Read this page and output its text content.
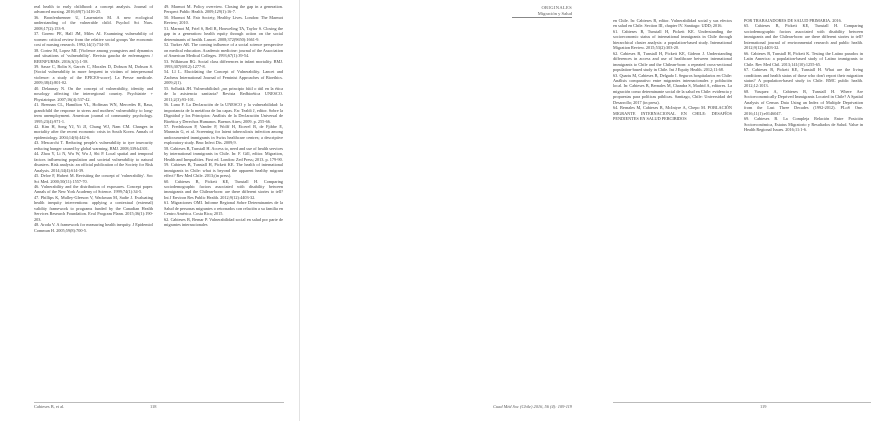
real health to early childhood: a concept analysis. Journal of advanced nursing. 2016;69(7):1416-25.

36. Bronfenbrenner U, Lauenstein M. A new ecological understanding of the vulnerable child. Psychol Sci Nurs. 2008;17(2):153-9.

37. Gorenc PE, Hall JM, Miles AI. Examining vulnerability of women: critical review from the relative social groups 'the economic cost of nursing research. 1992;14(1):734-39.

38. Cortez M, Lopez MI. [Violence among youngsters and dynamics and situations of 'vulnerability'. Revista gaucha de enfermagem / REENFURMS. 2016;3(1):1-58.

39. Sasse C, Bolin S, Garcés C, Morales D, Dobson M, Dobson S. [Social vulnerability in more frequent in victims of interpersonal violence: a study of the EPICES-score]. La Presse medicale. 2009;38(4):801-02.

40. Delaunay N. On the concept of vulnerability, identity and nosology affecting the interregional country. Psychiatrie + Physiatrique. 2007;16(4):537-42.

41. Brennan CL, Hamilton VL, Hoffman WN, Mercedes R, Rasa, grandchild the response to stress and mothers' vulnerability to long-term unemployment. American journal of community psychology. 1995;23(4):971-1.

42. Kim H, Song YJ, Yi JJ, Chung WJ, Nam CM. Changes in mortality after the recent economic crisis in South Korea. Annals of epidemiology. 2004;14(6):442-6.

43. Mescarchi T. Reducing people's vulnerability to tyre insecurity reducing hunger caused by global warming. BMJ. 2008;339:k4301.

44. Zhou Y, Li N, Wu W, Wu J, Shi P. Local spatial and temporal factors influencing population and societal vulnerability to natural disasters. Risk analysis: an official publication of the Society for Risk Analysis. 2014;34(4):614-39.

45. Deloe F, Hubert M. Revisiting the concept of 'vulnerability'. Soc Sci Med. 2000;50(11):1557-70.

46. Vulnerability and the distribution of exposures. Concept paper. Annals of the New York Academy of Science. 1999;74(1):34-5.

47. Phillips K, Mulley-Gleeson V, Wackman M, Sadie J. Evaluating health inequity interventions: applying a contextual (external) validity framework to programs funded by the Canadian Health Services Research Foundation. Eval Program Plann. 2015;36(1):190-203.

48. Aroda V. A framework for measuring health inequity. J Epidemiol Commun H. 2005;59(8):700-5.

49. Marmot M. Policy overview. Closing the gap in a generation. Perspect Public Health. 2009;129(1):16-7.

50. Marmot M. Fair Society, Healthy Lives. London: The Marmot Review; 2010.

51. Marmot M, Friel S, Bell R, Houweling TA, Taylor S. Closing the gap in a generation: health equity through action on the social determinants of health. Lancet. 2008;372(9650):1661-9.

52. Turker AR. The coming influence of a social science perspective on medical education. Academic medicine: journal of the Association of American Medical Colleges. 1993;67(1):39-54.

53. Wilkinson RG. Social class differences in infant mortality. BMJ. 1993;307(6912):1277-8.

54. Ll L. Elucidating the Concept of Vulnerability. Lancet and Zacheus International Journal of Feminist Approaches of Bioethics. 2009;2(1).

55. Solbakk JH. Vulnerabilidad: ¿un principio fútil o útil en la ética de la asistencia sanitaria? Revista Redbioética UNESCO. 2011;2(3):93-101.

56. Luna F. La Declaración de la UNESCO y la vulnerabilidad: la importancia de la metáfora de las capas. En: Tealdi J, editor. Sobre la Dignidad y los Principios: Análisis de la Declaración Universal de Bioética y Derechos Humanos. Buenos Aires; 2009. p. 255-66.

57. Fredriksson P, Vander P, Wolff H, Eicerel B, de Fjibbe E, Mannsin G, et al. Screening for latent tuberculosis infection among undocumented immigrants in Swiss healthcare centres; a descriptive exploratory study. Bmc Infect Dis. 2009;9.

58. Cabieses B, Tunstall H. Access to, need and use of health services by international immigrants in Chile. In: F. Gill, editor. Migration, Health and Inequalities. First ed. London: Zed Press; 2013. p. 179-90.

59. Cabieses B, Tunstall H, Pickett KE. The health of international immigrants in Chile: what is beyond the apparent healthy migrant effect? Rev Med Chile. 2013;(in press).

60. Cabieses B, Pickett KE, Tunstall H. Comparing sociodemographic factors associated with disability between immigrants and the Chilean-born: are there different stories to tell? Int J Environ Res Public Health. 2012;9(12):4403-32.

61. Migraciones OMI. Informe Regional Sobre Determinantes de la Salud de personas migrantes o retornados con relación a su familia en Centro América. Costa Rica; 2015.

62. Cabieses B, Bernar P. Vulnerabilidad social en salud por parte de migrantes internacionales

Cabieses B, et al.	118
ORIGINALES
Migración y Salud

en Chile. In: Cabieses B, editor. Vulnerabilidad social y sus efectos en salud en Chile. Section III, chapter IV. Santiago: UDD; 2016.

61. Cabieses B, Tunstall H, Pickett KE. Understanding the socioeconomic status of international immigrants in Chile through hierarchical cluster analysis: a population-based study. International Migration Review. 2015;53(2):303-20.

62. Cabieses B, Tunstall H, Pickett KE, Gideon J. Understanding differences in access and use of healthcare between international immigrants to Chile and the Chilean-born: a repeated cross-sectional population-based study in Chile. Int J Equity Health. 2012;11:68.

63. Quartu M, Cabieses B, Delgado I. Seguros hospitalarios en Chile: Análisis comparativo entre migrantes internacionales y población local. In: Cabieses B, Bernales M, Chandra S, Madrid A, editores. La migración como determinante social de la salud en Chile: evidencia y propuestas para políticas públicas. Santiago, Chile: Universidad del Desarrollo; 2017 (in press).

64. Bernales M, Cabieses B, McIntyre A, Chepo M. POBLACIÓN MIGRANTE INTERNACIONAL EN CHILE: DESAFÍOS PENDIENTES EN SALUD PERCIBIDOS

POR TRABAJADORES DE SALUD PRIMARIA. 2016.

65. Cabieses B, Pickett KE, Tunstall H. Comparing sociodemographic factors associated with disability between immigrants and the Chilean-born: are there different stories to tell? International journal of environmental research and public health. 2012;9(12):4403-32.

66. Cabieses B, Tunstall H, Pickett K. Testing the Latino paradox in Latin America: a population-based study of Latino immigrants to Chile. Rev Med Chil. 2013;141(10):1255-65.

67. Cabieses B, Pickett KE, Tunstall H. What are the living conditions and health status of those who don't report their migration status? A population-based study in Chile. BMC public health. 2012;12:1013.

68. Vasquez A, Cabieses B, Tunstall H. Where Are Socioeconomically Deprived Immigrants Located in Chile? A Spatial Analysis of Census Data Using an Index of Multiple Deprivation from the Last Three Decades (1992-2012). PLoS One. 2016;11(1):e0146047.

69. Cabieses B. La Compleja Relación Entre Posición Socioeconómica, Estatus Migratorio y Resultados de Salud. Value in Health Regional Issues. 2016;11:1-6.

119
Cuad Méd Soc (Chile) 2016, 56 (4): 109-119
